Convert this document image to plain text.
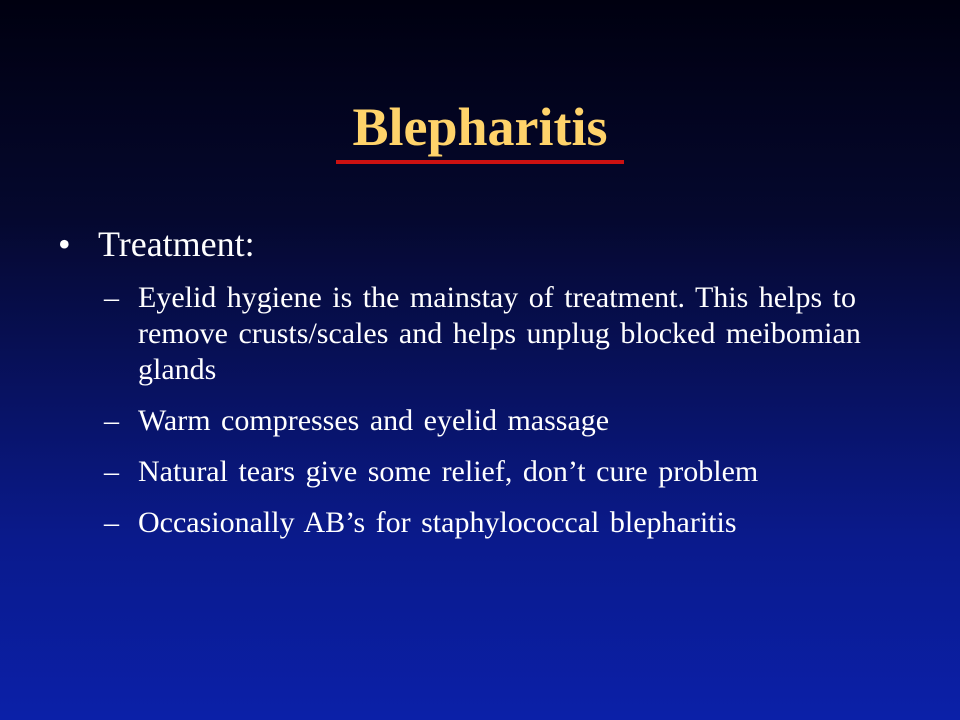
Blepharitis
• Treatment:
– Eyelid hygiene is the mainstay of treatment. This helps to remove crusts/scales and helps unplug blocked meibomian glands
– Warm compresses and eyelid massage
– Natural tears give some relief, don’t cure problem
– Occasionally AB’s for staphylococcal blepharitis
